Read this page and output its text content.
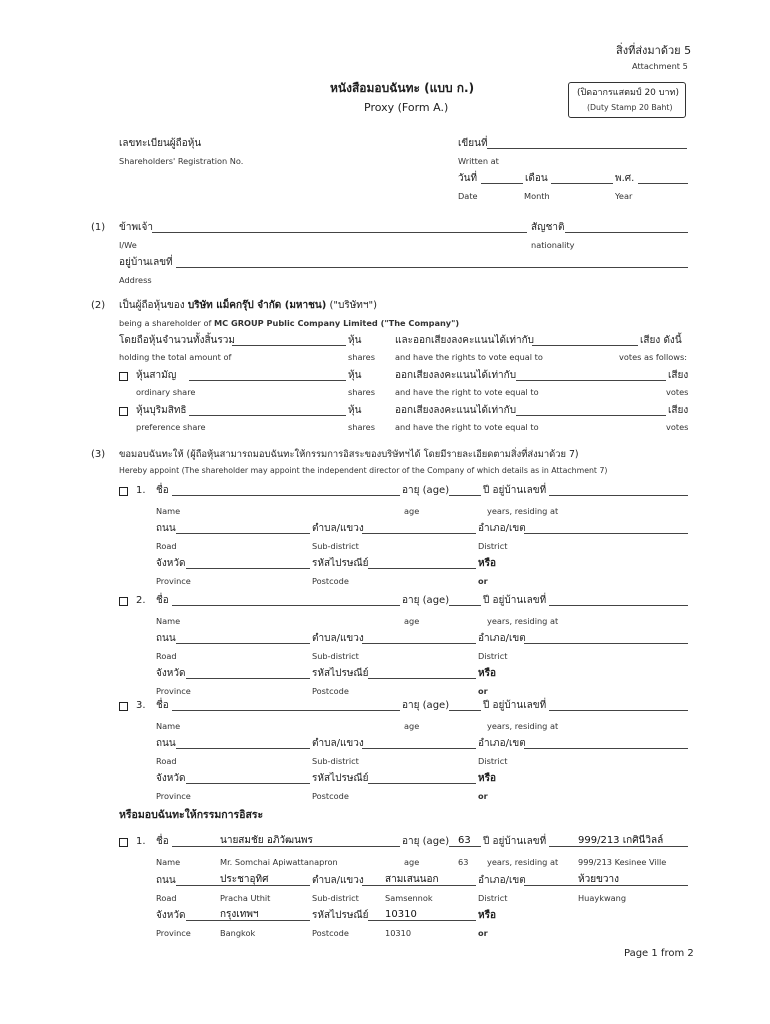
สิ่งที่ส่งมาด้วย 5
Attachment 5
หนังสือมอบฉันทะ (แบบ ก.)
Proxy (Form A.)
(ปิดอากรแสตมป์ 20 บาท)
(Duty Stamp 20 Baht)
เลขทะเบียนผู้ถือหุ้น
Shareholders' Registration No.
เขียนที่
Written at
วันที่	เดือน	พ.ศ.
Date	Month	Year
(1) ข้าพเจ้า	สัญชาติ
I/We	nationality
อยู่บ้านเลขที่
Address
(2) เป็นผู้ถือหุ้นของ บริษัท แม็คกรุ๊ป จำกัด (มหาชน) ("บริษัทฯ")
being a shareholder of MC GROUP Public Company Limited ("The Company")
โดยถือหุ้นจำนวนทั้งสิ้นรวม	หุ้น	และออกเสียงลงคะแนนได้เท่ากับ	เสียง ดังนี้
holding the total amount of	shares and have the rights to vote equal to	votes as follows:
หุ้นสามัญ	หุ้น	ออกเสียงลงคะแนนได้เท่ากับ	เสียง
ordinary share	shares and have the right to vote equal to	votes
หุ้นบุริมสิทธิ	หุ้น	ออกเสียงลงคะแนนได้เท่ากับ	เสียง
preference share	shares and have the right to vote equal to	votes
(3) ขอมอบฉันทะให้ (ผู้ถือหุ้นสามารถมอบฉันทะให้กรรมการอิสระของบริษัทฯได้ โดยมีรายละเอียดตามสิ่งที่ส่งมาด้วย 7)
Hereby appoint (The shareholder may appoint the independent director of the Company of which details as in Attachment 7)
1. ชื่อ	อายุ (age)	ปี อยู่บ้านเลขที่
Name	age	years, residing at
ถนน	ตำบล/แขวง	อำเภอ/เขต
Road	Sub-district	District
จังหวัด	รหัสไปรษณีย์	หรือ
Province	Postcode	or
2. ชื่อ	อายุ (age)	ปี อยู่บ้านเลขที่
Name	age	years, residing at
ถนน	ตำบล/แขวง	อำเภอ/เขต
Road	Sub-district	District
จังหวัด	รหัสไปรษณีย์	หรือ
Province	Postcode	or
3. ชื่อ	อายุ (age)	ปี อยู่บ้านเลขที่
Name	age	years, residing at
ถนน	ตำบล/แขวง	อำเภอ/เขต
Road	Sub-district	District
จังหวัด	รหัสไปรษณีย์	หรือ
Province	Postcode	or
หรือมอบฉันทะให้กรรมการอิสระ
1. ชื่อ	นายสมชัย อภิวัฒนพร	อายุ (age) 63 ปี อยู่บ้านเลขที่	999/213 เกศินีวิลล์
Name	Mr. Somchai Apiwattanapron	age	63 years, residing at 999/213 Kesinee Ville
ถนน	ประชาอุทิศ	ตำบล/แขวง สามเสนนอก	อำเภอ/เขต	ห้วยขวาง
Road	Pracha Uthit	Sub-district	Samsennok	District	Huaykwang
จังหวัด	กรุงเทพฯ	รหัสไปรษณีย์ 10310	หรือ
Province	Bangkok	Postcode	10310	or
Page 1 from 2
